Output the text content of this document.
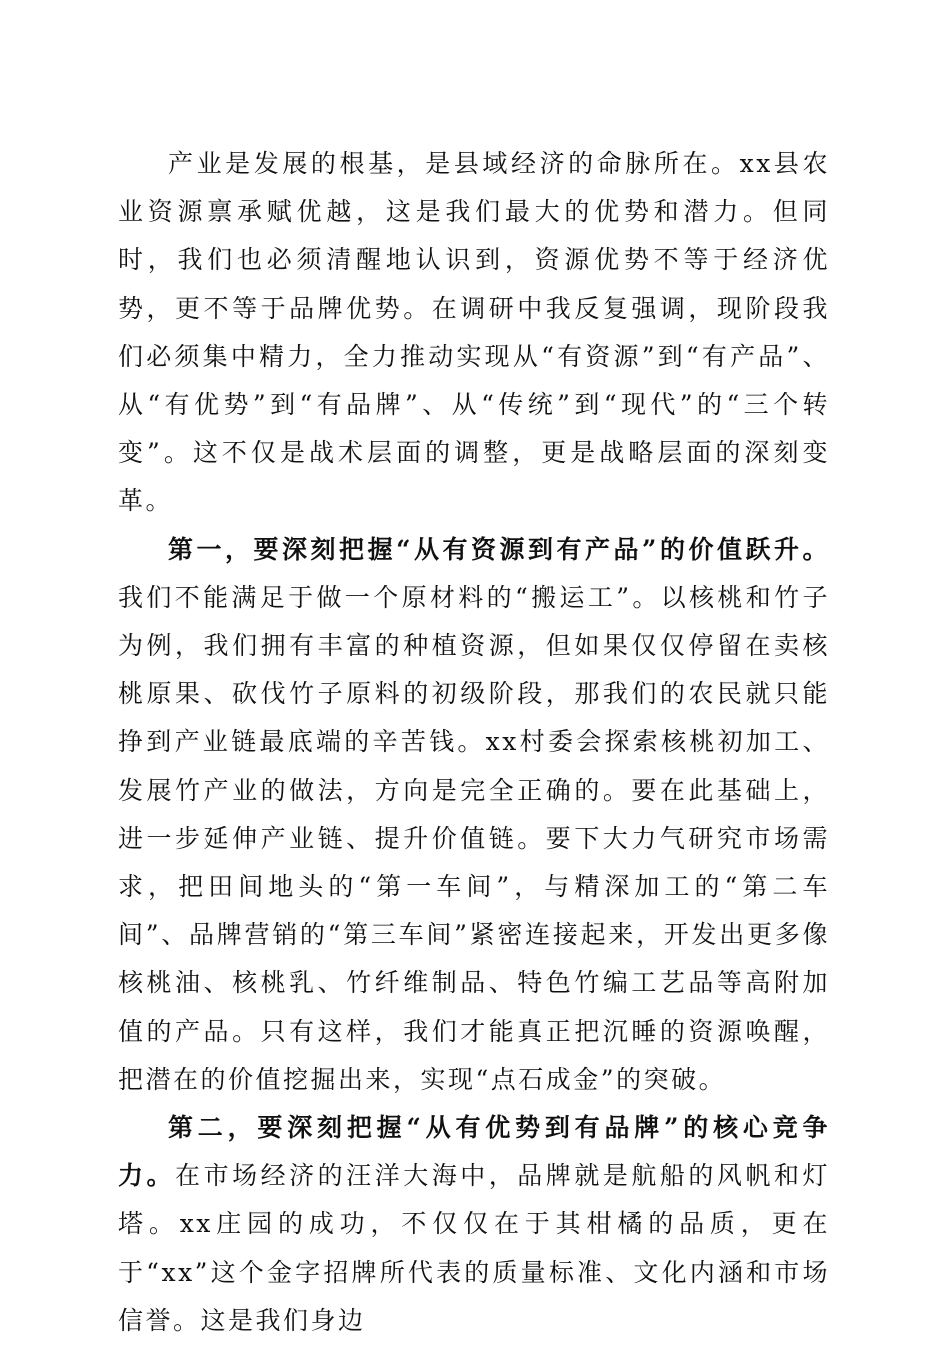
产业是发展的根基，是县域经济的命脉所在。xx县农业资源禀承赋优越，这是我们最大的优势和潜力。但同时，我们也必须清醒地认识到，资源优势不等于经济优势，更不等于品牌优势。在调研中我反复强调，现阶段我们必须集中精力，全力推动实现从“有资源”到“有产品”、从“有优势”到“有品牌”、从“传统”到“现代”的“三个转变”。这不仅是战术层面的调整，更是战略层面的深刻变革。

第一，要深刻把握“从有资源到有产品”的价值跃升。我们不能满足于做一个原材料的“搬运工”。以核桃和竹子为例，我们拥有丰富的种植资源，但如果仅仅停留在卖核桃原果、砍伐竹子原料的初级阶段，那我们的农民就只能挣到产业链最底端的辛苦钱。xx村委会探索核桃初加工、发展竹产业的做法，方向是完全正确的。要在此基础上，进一步延伸产业链、提升价值链。要下大力气研究市场需求，把田间地头的“第一车间”，与精深加工的“第二车间”、品牌营销的“第三车间”紧密连接起来，开发出更多像核桃油、核桃乳、竹纤维制品、特色竹编工艺品等高附加值的产品。只有这样，我们才能真正把沉睡的资源唤醒，把潜在的价值挖掘出来，实现“点石成金”的突破。

第二，要深刻把握“从有优势到有品牌”的核心竞争力。在市场经济的汪洋大海中，品牌就是航船的风帆和灯塔。xx庄园的成功，不仅仅在于其柑橘的品质，更在于“xx”这个金字招牌所代表的质量标准、文化内涵和市场信誉。这是我们身边
